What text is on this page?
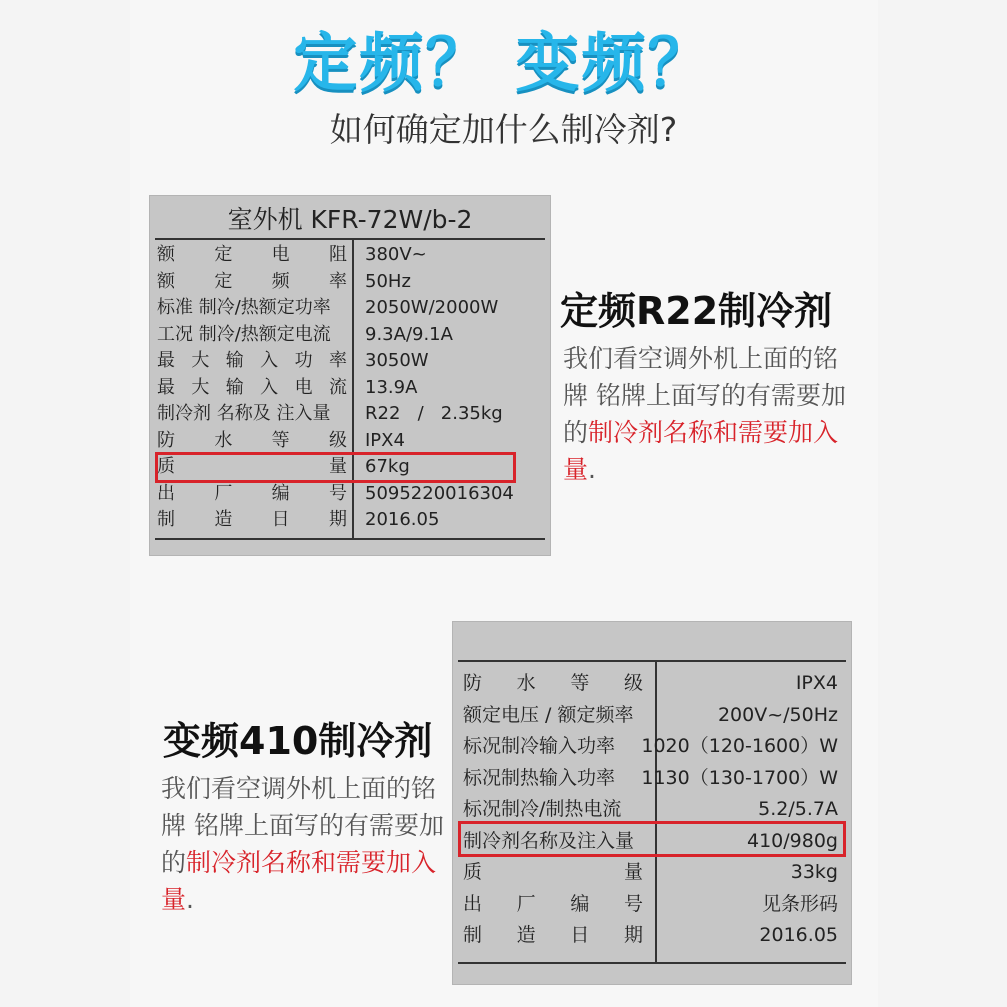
定频？ 变频？
如何确定加什么制冷剂?
室外机 KFR-72W/b-2
额 定 电 阻 380V~
额 定 频 率 50Hz
标准 制冷/热额定功率 2050W/2000W
工况 制冷/热额定电流 9.3A/9.1A
最 大 输 入 功 率 3050W
最 大 输 入 电 流 13.9A
制冷剂 名称及 注入量 R22   /   2.35kg
防 水 等 级 IPX4
质	量 67kg
出 厂 编 号 5095220016304
制 造 日 期 2016.05
定频R22制冷剂
我们看空调外机上面的铭牌 铭牌上面写的有需要加的制冷剂名称和需要加入量.
防 水 等 级	IPX4
额定电压 / 额定频率	200V~/50Hz
标况制冷输入功率 1020（120-1600）W
标况制热输入功率 1130（130-1700）W
标况制冷/制热电流	5.2/5.7A
制冷剂名称及注入量	410/980g
质	量	33kg
出 厂 编 号	见条形码
制 造 日 期	2016.05
变频410制冷剂
我们看空调外机上面的铭牌 铭牌上面写的有需要加的制冷剂名称和需要加入量.
